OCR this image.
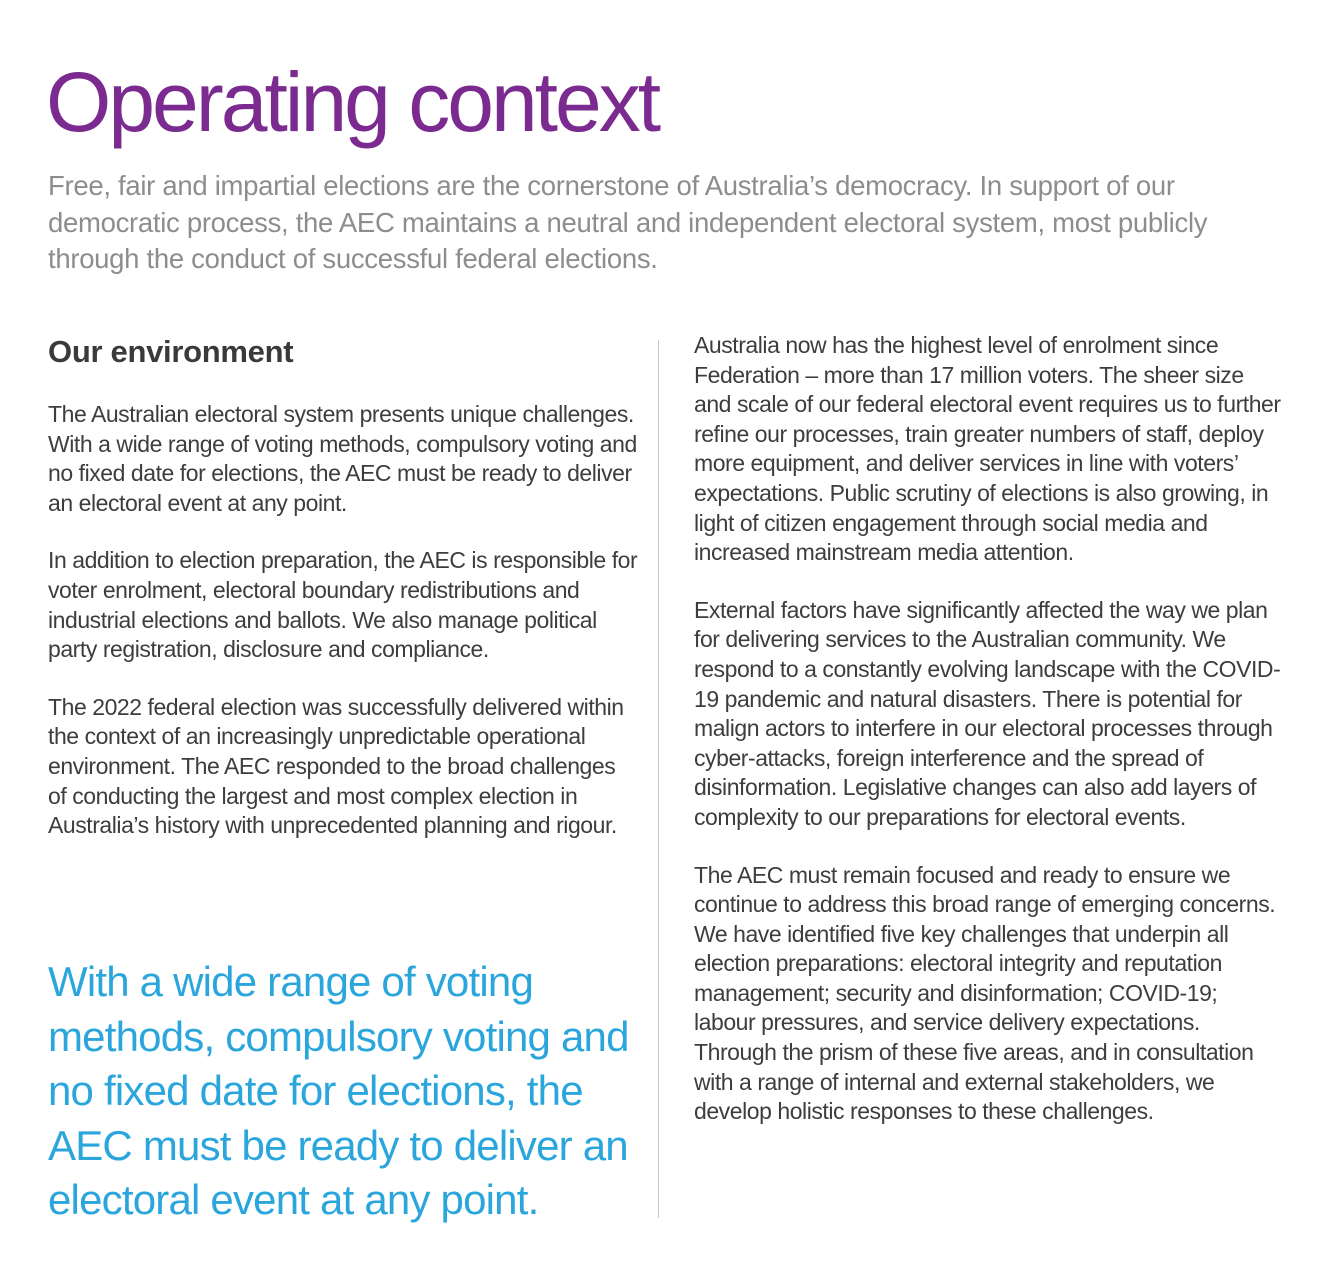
Operating context

Free, fair and impartial elections are the cornerstone of Australia’s democracy. In support of our democratic process, the AEC maintains a neutral and independent electoral system, most publicly through the conduct of successful federal elections.

Our environment

The Australian electoral system presents unique challenges. With a wide range of voting methods, compulsory voting and no fixed date for elections, the AEC must be ready to deliver an electoral event at any point.

In addition to election preparation, the AEC is responsible for voter enrolment, electoral boundary redistributions and industrial elections and ballots. We also manage political party registration, disclosure and compliance.

The 2022 federal election was successfully delivered within the context of an increasingly unpredictable operational environment. The AEC responded to the broad challenges of conducting the largest and most complex election in Australia’s history with unprecedented planning and rigour.

With a wide range of voting methods, compulsory voting and no fixed date for elections, the AEC must be ready to deliver an electoral event at any point.

Australia now has the highest level of enrolment since Federation – more than 17 million voters. The sheer size and scale of our federal electoral event requires us to further refine our processes, train greater numbers of staff, deploy more equipment, and deliver services in line with voters’ expectations. Public scrutiny of elections is also growing, in light of citizen engagement through social media and increased mainstream media attention.

External factors have significantly affected the way we plan for delivering services to the Australian community. We respond to a constantly evolving landscape with the COVID-19 pandemic and natural disasters. There is potential for malign actors to interfere in our electoral processes through cyber-attacks, foreign interference and the spread of disinformation. Legislative changes can also add layers of complexity to our preparations for electoral events.

The AEC must remain focused and ready to ensure we continue to address this broad range of emerging concerns. We have identified five key challenges that underpin all election preparations: electoral integrity and reputation management; security and disinformation; COVID-19; labour pressures, and service delivery expectations. Through the prism of these five areas, and in consultation with a range of internal and external stakeholders, we develop holistic responses to these challenges.
